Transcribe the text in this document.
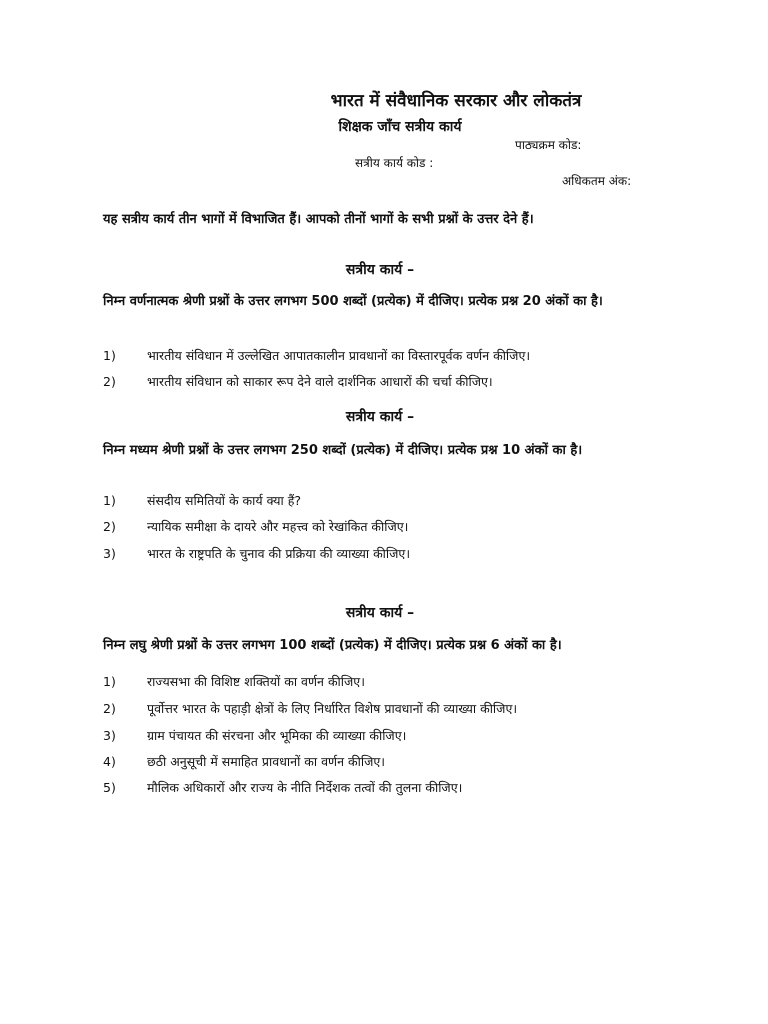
भारत में संवैधानिक सरकार और लोकतंत्र
शिक्षक जाँच सत्रीय कार्य
पाठ्यक्रम कोड:
सत्रीय कार्य कोड :
अधिकतम अंक:
यह सत्रीय कार्य तीन भागों में विभाजित हैं। आपको तीनों भागों के सभी प्रश्नों के उत्तर देने हैं।
सत्रीय कार्य –
निम्न वर्णनात्मक श्रेणी प्रश्नों के उत्तर लगभग 500 शब्दों (प्रत्येक) में दीजिए। प्रत्येक प्रश्न 20 अंकों का है।
1) भारतीय संविधान में उल्लेखित आपातकालीन प्रावधानों का विस्तारपूर्वक वर्णन कीजिए।
2) भारतीय संविधान को साकार रूप देने वाले दार्शनिक आधारों की चर्चा कीजिए।
सत्रीय कार्य –
निम्न मध्यम श्रेणी प्रश्नों के उत्तर लगभग 250 शब्दों (प्रत्येक) में दीजिए। प्रत्येक प्रश्न 10 अंकों का है।
1) संसदीय समितियों के कार्य क्या हैं?
2) न्यायिक समीक्षा के दायरे और महत्त्व को रेखांकित कीजिए।
3) भारत के राष्ट्रपति के चुनाव की प्रक्रिया की व्याख्या कीजिए।
सत्रीय कार्य –
निम्न लघु श्रेणी प्रश्नों के उत्तर लगभग 100 शब्दों (प्रत्येक) में दीजिए। प्रत्येक प्रश्न 6 अंकों का है।
1) राज्यसभा की विशिष्ट शक्तियों का वर्णन कीजिए।
2) पूर्वोत्तर भारत के पहाड़ी क्षेत्रों के लिए निर्धारित विशेष प्रावधानों की व्याख्या कीजिए।
3) ग्राम पंचायत की संरचना और भूमिका की व्याख्या कीजिए।
4) छठी अनुसूची में समाहित प्रावधानों का वर्णन कीजिए।
5) मौलिक अधिकारों और राज्य के नीति निर्देशक तत्वों की तुलना कीजिए।
